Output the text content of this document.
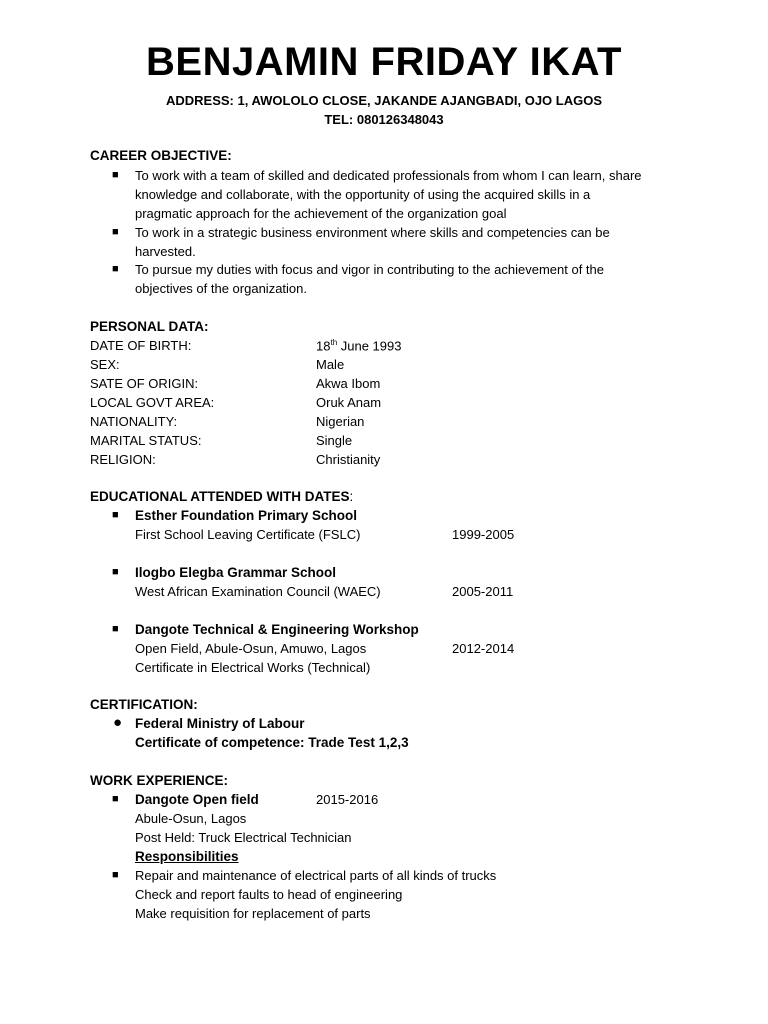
BENJAMIN FRIDAY IKAT
ADDRESS: 1, AWOLOLO CLOSE, JAKANDE AJANGBADI, OJO LAGOS
TEL: 080126348043
CAREER OBJECTIVE:
■ To work with a team of skilled and dedicated professionals from whom I can learn, share
knowledge and collaborate, with the opportunity of using the acquired skills in a
pragmatic approach for the achievement of the organization goal
■ To work in a strategic business environment where skills and competencies can be
harvested.
■ To pursue my duties with focus and vigor in contributing to the achievement of the
objectives of the organization.
PERSONAL DATA:
DATE OF BIRTH:	18th June 1993
SEX:	Male
SATE OF ORIGIN:	Akwa Ibom
LOCAL GOVT AREA:	Oruk Anam
NATIONALITY:	Nigerian
MARITAL STATUS:	Single
RELIGION:	Christianity
EDUCATIONAL ATTENDED WITH DATES:
■ Esther Foundation Primary School
First School Leaving Certificate (FSLC)	1999-2005
■ Ilogbo Elegba Grammar School
West African Examination Council (WAEC)	2005-2011
■ Dangote Technical & Engineering Workshop
Open Field, Abule-Osun, Amuwo, Lagos	2012-2014
Certificate in Electrical Works (Technical)
CERTIFICATION:
● Federal Ministry of Labour
Certificate of competence: Trade Test 1,2,3
WORK EXPERIENCE:
■ Dangote Open field	2015-2016
Abule-Osun, Lagos
Post Held: Truck Electrical Technician
Responsibilities
■ Repair and maintenance of electrical parts of all kinds of trucks
Check and report faults to head of engineering
Make requisition for replacement of parts
